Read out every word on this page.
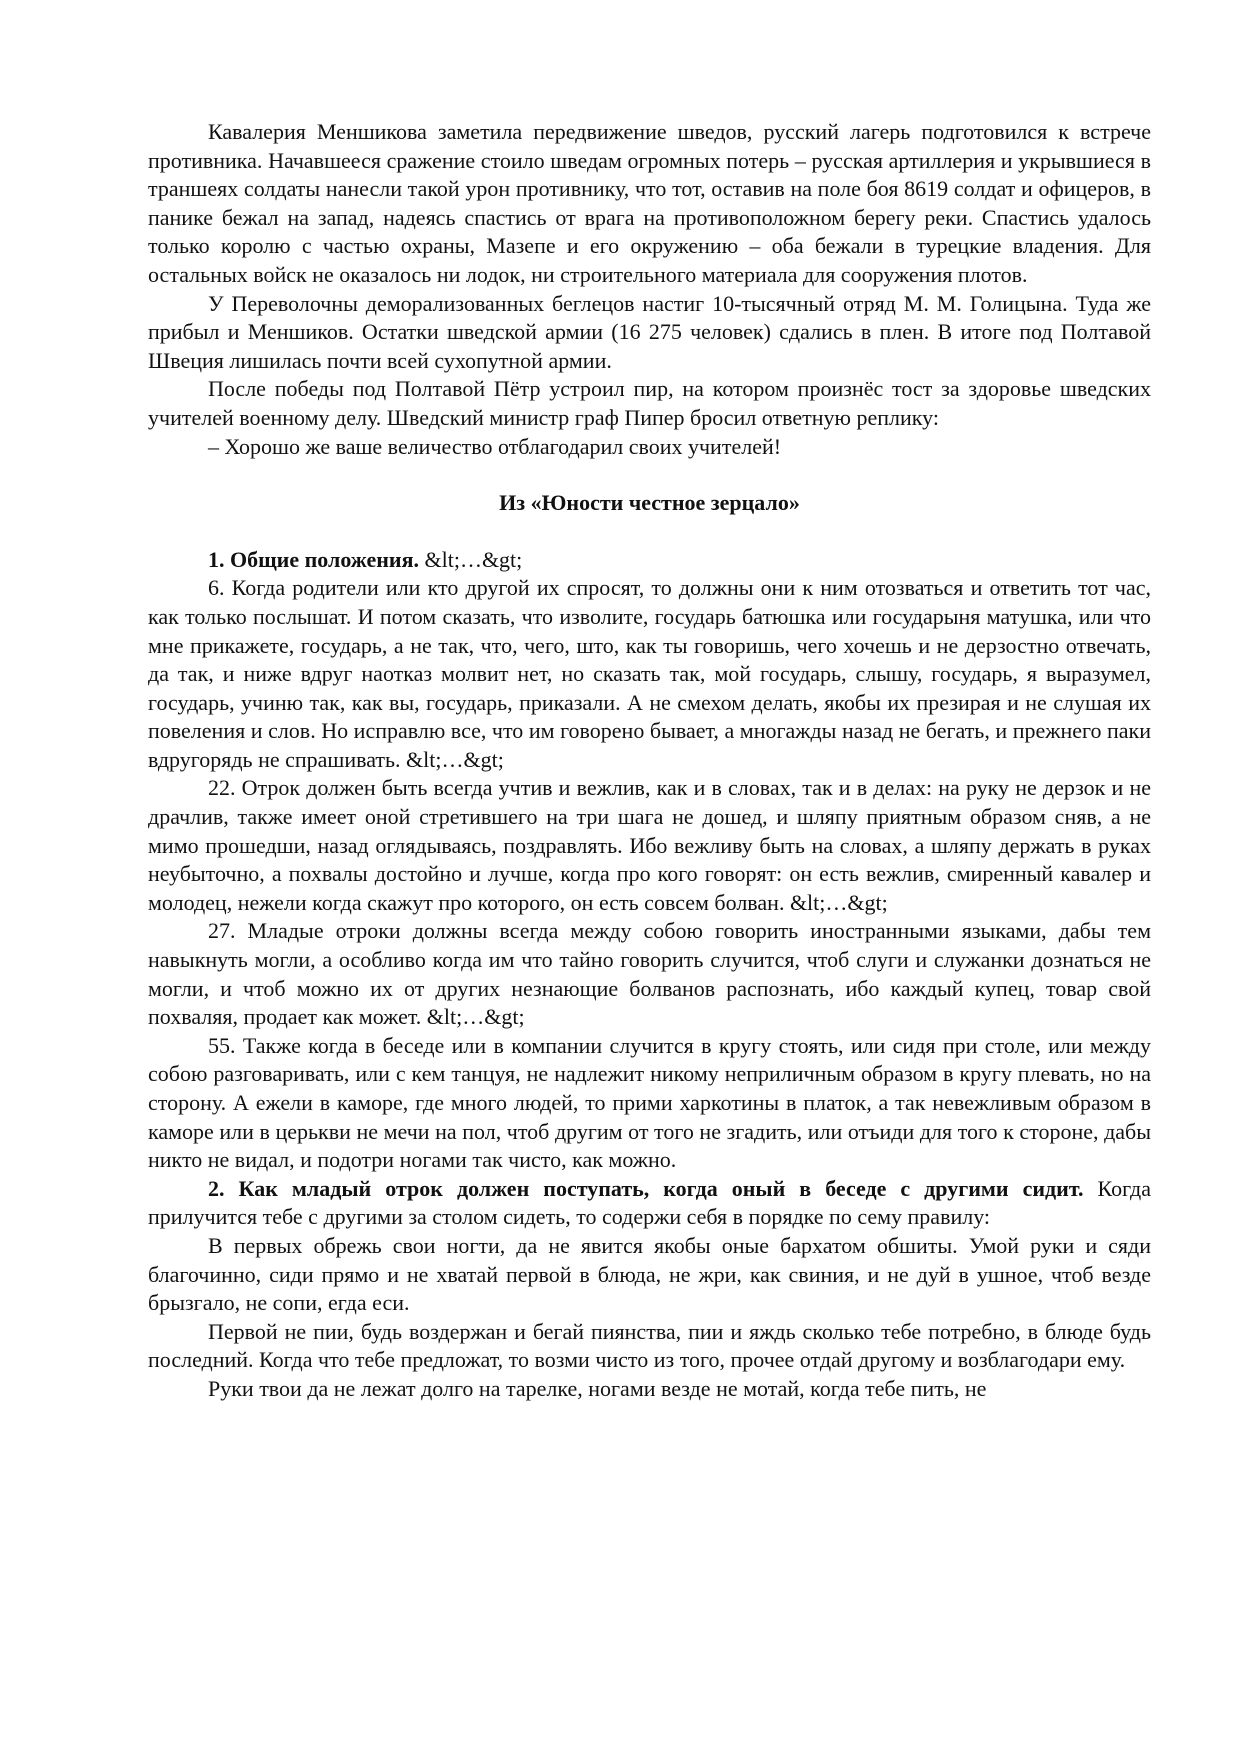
Кавалерия Меншикова заметила передвижение шведов, русский лагерь подготовился к встрече противника. Начавшееся сражение стоило шведам огромных потерь – русская артиллерия и укрывшиеся в траншеях солдаты нанесли такой урон противнику, что тот, оставив на поле боя 8619 солдат и офицеров, в панике бежал на запад, надеясь спастись от врага на противоположном берегу реки. Спастись удалось только королю с частью охраны, Мазепе и его окружению – оба бежали в турецкие владения. Для остальных войск не оказалось ни лодок, ни строительного материала для сооружения плотов.

У Переволочны деморализованных беглецов настиг 10-тысячный отряд М. М. Голицына. Туда же прибыл и Меншиков. Остатки шведской армии (16 275 человек) сдались в плен. В итоге под Полтавой Швеция лишилась почти всей сухопутной армии.

После победы под Полтавой Пётр устроил пир, на котором произнёс тост за здоровье шведских учителей военному делу. Шведский министр граф Пипер бросил ответную реплику:

– Хорошо же ваше величество отблагодарил своих учителей!

Из «Юности честное зерцало»

1. Общие положения. &lt;…&gt;

6. Когда родители или кто другой их спросят, то должны они к ним отозваться и ответить тот час, как только послышат. И потом сказать, что изволите, государь батюшка или государыня матушка, или что мне прикажете, государь, а не так, что, чего, што, как ты говоришь, чего хочешь и не дерзостно отвечать, да так, и ниже вдруг наотказ молвит нет, но сказать так, мой государь, слышу, государь, я выразумел, государь, учиню так, как вы, государь, приказали. А не смехом делать, якобы их презирая и не слушая их повеления и слов. Но исправлю все, что им говорено бывает, а многажды назад не бегать, и прежнего паки вдругорядь не спрашивать. &lt;…&gt;

22. Отрок должен быть всегда учтив и вежлив, как и в словах, так и в делах: на руку не дерзок и не драчлив, также имеет оной стретившего на три шага не дошед, и шляпу приятным образом сняв, а не мимо прошедши, назад оглядываясь, поздравлять. Ибо вежливу быть на словах, а шляпу держать в руках неубыточно, а похвалы достойно и лучше, когда про кого говорят: он есть вежлив, смиренный кавалер и молодец, нежели когда скажут про которого, он есть совсем болван. &lt;…&gt;

27. Младые отроки должны всегда между собою говорить иностранными языками, дабы тем навыкнуть могли, а особливо когда им что тайно говорить случится, чтоб слуги и служанки дознаться не могли, и чтоб можно их от других незнающие болванов распознать, ибо каждый купец, товар свой похваляя, продает как может. &lt;…&gt;

55. Также когда в беседе или в компании случится в кругу стоять, или сидя при столе, или между собою разговаривать, или с кем танцуя, не надлежит никому неприличным образом в кругу плевать, но на сторону. А ежели в каморе, где много людей, то прими харкотины в платок, а так невежливым образом в каморе или в церькви не мечи на пол, чтоб другим от того не згадить, или отъиди для того к стороне, дабы никто не видал, и подотри ногами так чисто, как можно.

2. Как младый отрок должен поступать, когда оный в беседе с другими сидит. Когда прилучится тебе с другими за столом сидеть, то содержи себя в порядке по сему правилу:

В первых обрежь свои ногти, да не явится якобы оные бархатом обшиты. Умой руки и сяди благочинно, сиди прямо и не хватай первой в блюда, не жри, как свиния, и не дуй в ушное, чтоб везде брызгало, не сопи, егда еси.

Первой не пии, будь воздержан и бегай пиянства, пии и яждь сколько тебе потребно, в блюде будь последний. Когда что тебе предложат, то возми чисто из того, прочее отдай другому и возблагодари ему.

Руки твои да не лежат долго на тарелке, ногами везде не мотай, когда тебе пить, не
